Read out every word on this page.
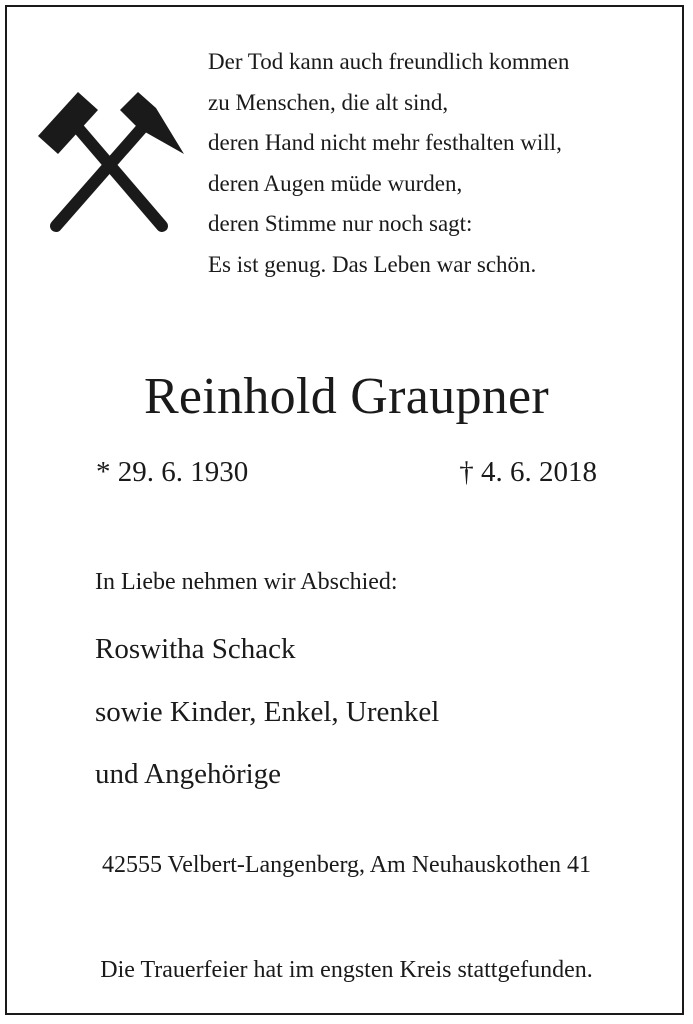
Der Tod kann auch freundlich kommen
zu Menschen, die alt sind,
deren Hand nicht mehr festhalten will,
deren Augen müde wurden,
deren Stimme nur noch sagt:
Es ist genug. Das Leben war schön.
Reinhold Graupner
* 29. 6. 1930	† 4. 6. 2018
In Liebe nehmen wir Abschied:
Roswitha Schack
sowie Kinder, Enkel, Urenkel
und Angehörige
42555 Velbert-Langenberg, Am Neuhauskothen 41
Die Trauerfeier hat im engsten Kreis stattgefunden.
